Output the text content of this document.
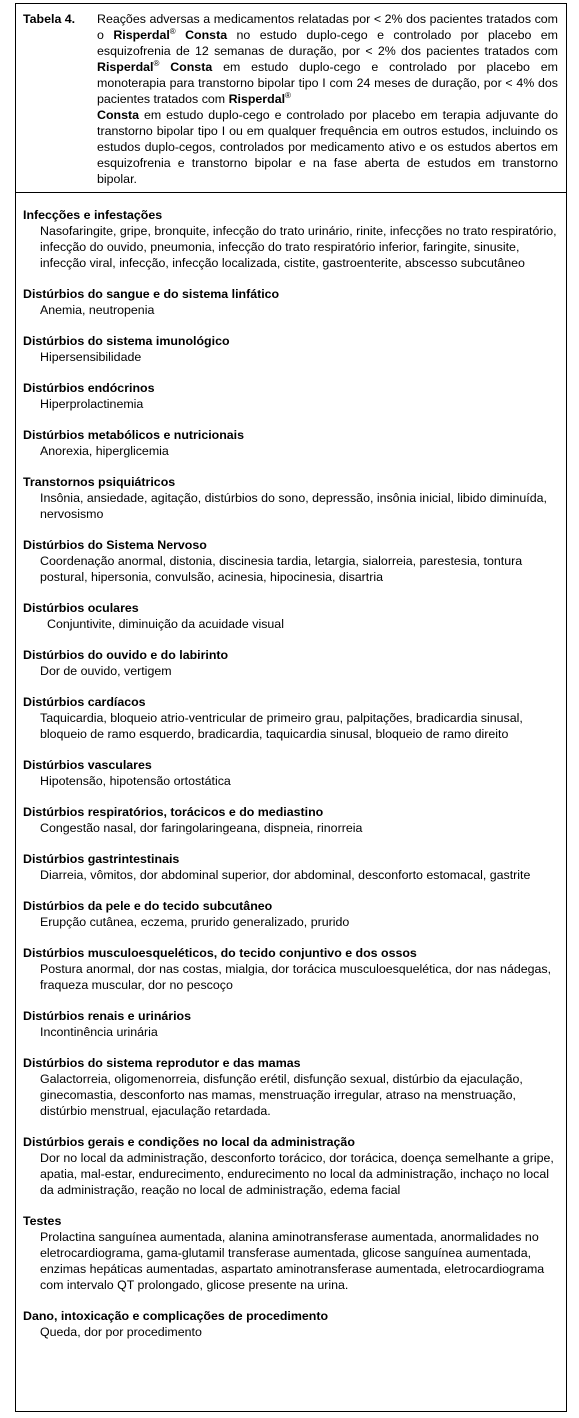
Tabela 4.	Reações adversas a medicamentos relatadas por < 2% dos pacientes tratados com o Risperdal® Consta no estudo duplo-cego e controlado por placebo em esquizofrenia de 12 semanas de duração, por < 2% dos pacientes tratados com Risperdal® Consta em estudo duplo-cego e controlado por placebo em monoterapia para transtorno bipolar tipo I com 24 meses de duração, por < 4% dos pacientes tratados com Risperdal®
Consta em estudo duplo-cego e controlado por placebo em terapia adjuvante do transtorno bipolar tipo I ou em qualquer frequência em outros estudos, incluindo os estudos duplo-cegos, controlados por medicamento ativo e os estudos abertos em esquizofrenia e transtorno bipolar e na fase aberta de estudos em transtorno bipolar.
Infecções e infestações
Nasofaringite, gripe, bronquite, infecção do trato urinário, rinite, infecções no trato respiratório, infecção do ouvido, pneumonia, infecção do trato respiratório inferior, faringite, sinusite, infecção viral, infecção, infecção localizada, cistite, gastroenterite, abscesso subcutâneo
Distúrbios do sangue e do sistema linfático
Anemia, neutropenia
Distúrbios do sistema imunológico
Hipersensibilidade
Distúrbios endócrinos
Hiperprolactinemia
Distúrbios metabólicos e nutricionais
Anorexia, hiperglicemia
Transtornos psiquiátricos
Insônia, ansiedade, agitação, distúrbios do sono, depressão, insônia inicial, libido diminuída, nervosismo
Distúrbios do Sistema Nervoso
Coordenação anormal, distonia, discinesia tardia, letargia, sialorreia, parestesia, tontura postural, hipersonia, convulsão, acinesia, hipocinesia, disartria
Distúrbios oculares
Conjuntivite, diminuição da acuidade visual
Distúrbios do ouvido e do labirinto
Dor de ouvido, vertigem
Distúrbios cardíacos
Taquicardia, bloqueio atrio-ventricular de primeiro grau, palpitações, bradicardia sinusal, bloqueio de ramo esquerdo, bradicardia, taquicardia sinusal, bloqueio de ramo direito
Distúrbios vasculares
Hipotensão, hipotensão ortostática
Distúrbios respiratórios, torácicos e do mediastino
Congestão nasal, dor faringolaringeana, dispneia, rinorreia
Distúrbios gastrintestinais
Diarreia, vômitos, dor abdominal superior, dor abdominal, desconforto estomacal, gastrite
Distúrbios da pele e do tecido subcutâneo
Erupção cutânea, eczema, prurido generalizado, prurido
Distúrbios musculoesqueléticos, do tecido conjuntivo e dos ossos
Postura anormal, dor nas costas, mialgia, dor torácica musculoesquelética, dor nas nádegas, fraqueza muscular, dor no pescoço
Distúrbios renais e urinários
Incontinência urinária
Distúrbios do sistema reprodutor e das mamas
Galactorreia, oligomenorreia, disfunção erétil, disfunção sexual, distúrbio da ejaculação, ginecomastia, desconforto nas mamas, menstruação irregular, atraso na menstruação, distúrbio menstrual, ejaculação retardada.
Distúrbios gerais e condições no local da administração
Dor no local da administração, desconforto torácico, dor torácica, doença semelhante a gripe, apatia, mal-estar, endurecimento, endurecimento no local da administração, inchaço no local da administração, reação no local de administração, edema facial
Testes
Prolactina sanguínea aumentada, alanina aminotransferase aumentada, anormalidades no eletrocardiograma, gama-glutamil transferase aumentada, glicose sanguínea aumentada, enzimas hepáticas aumentadas, aspartato aminotransferase aumentada, eletrocardiograma com intervalo QT prolongado, glicose presente na urina.
Dano, intoxicação e complicações de procedimento
Queda, dor por procedimento
